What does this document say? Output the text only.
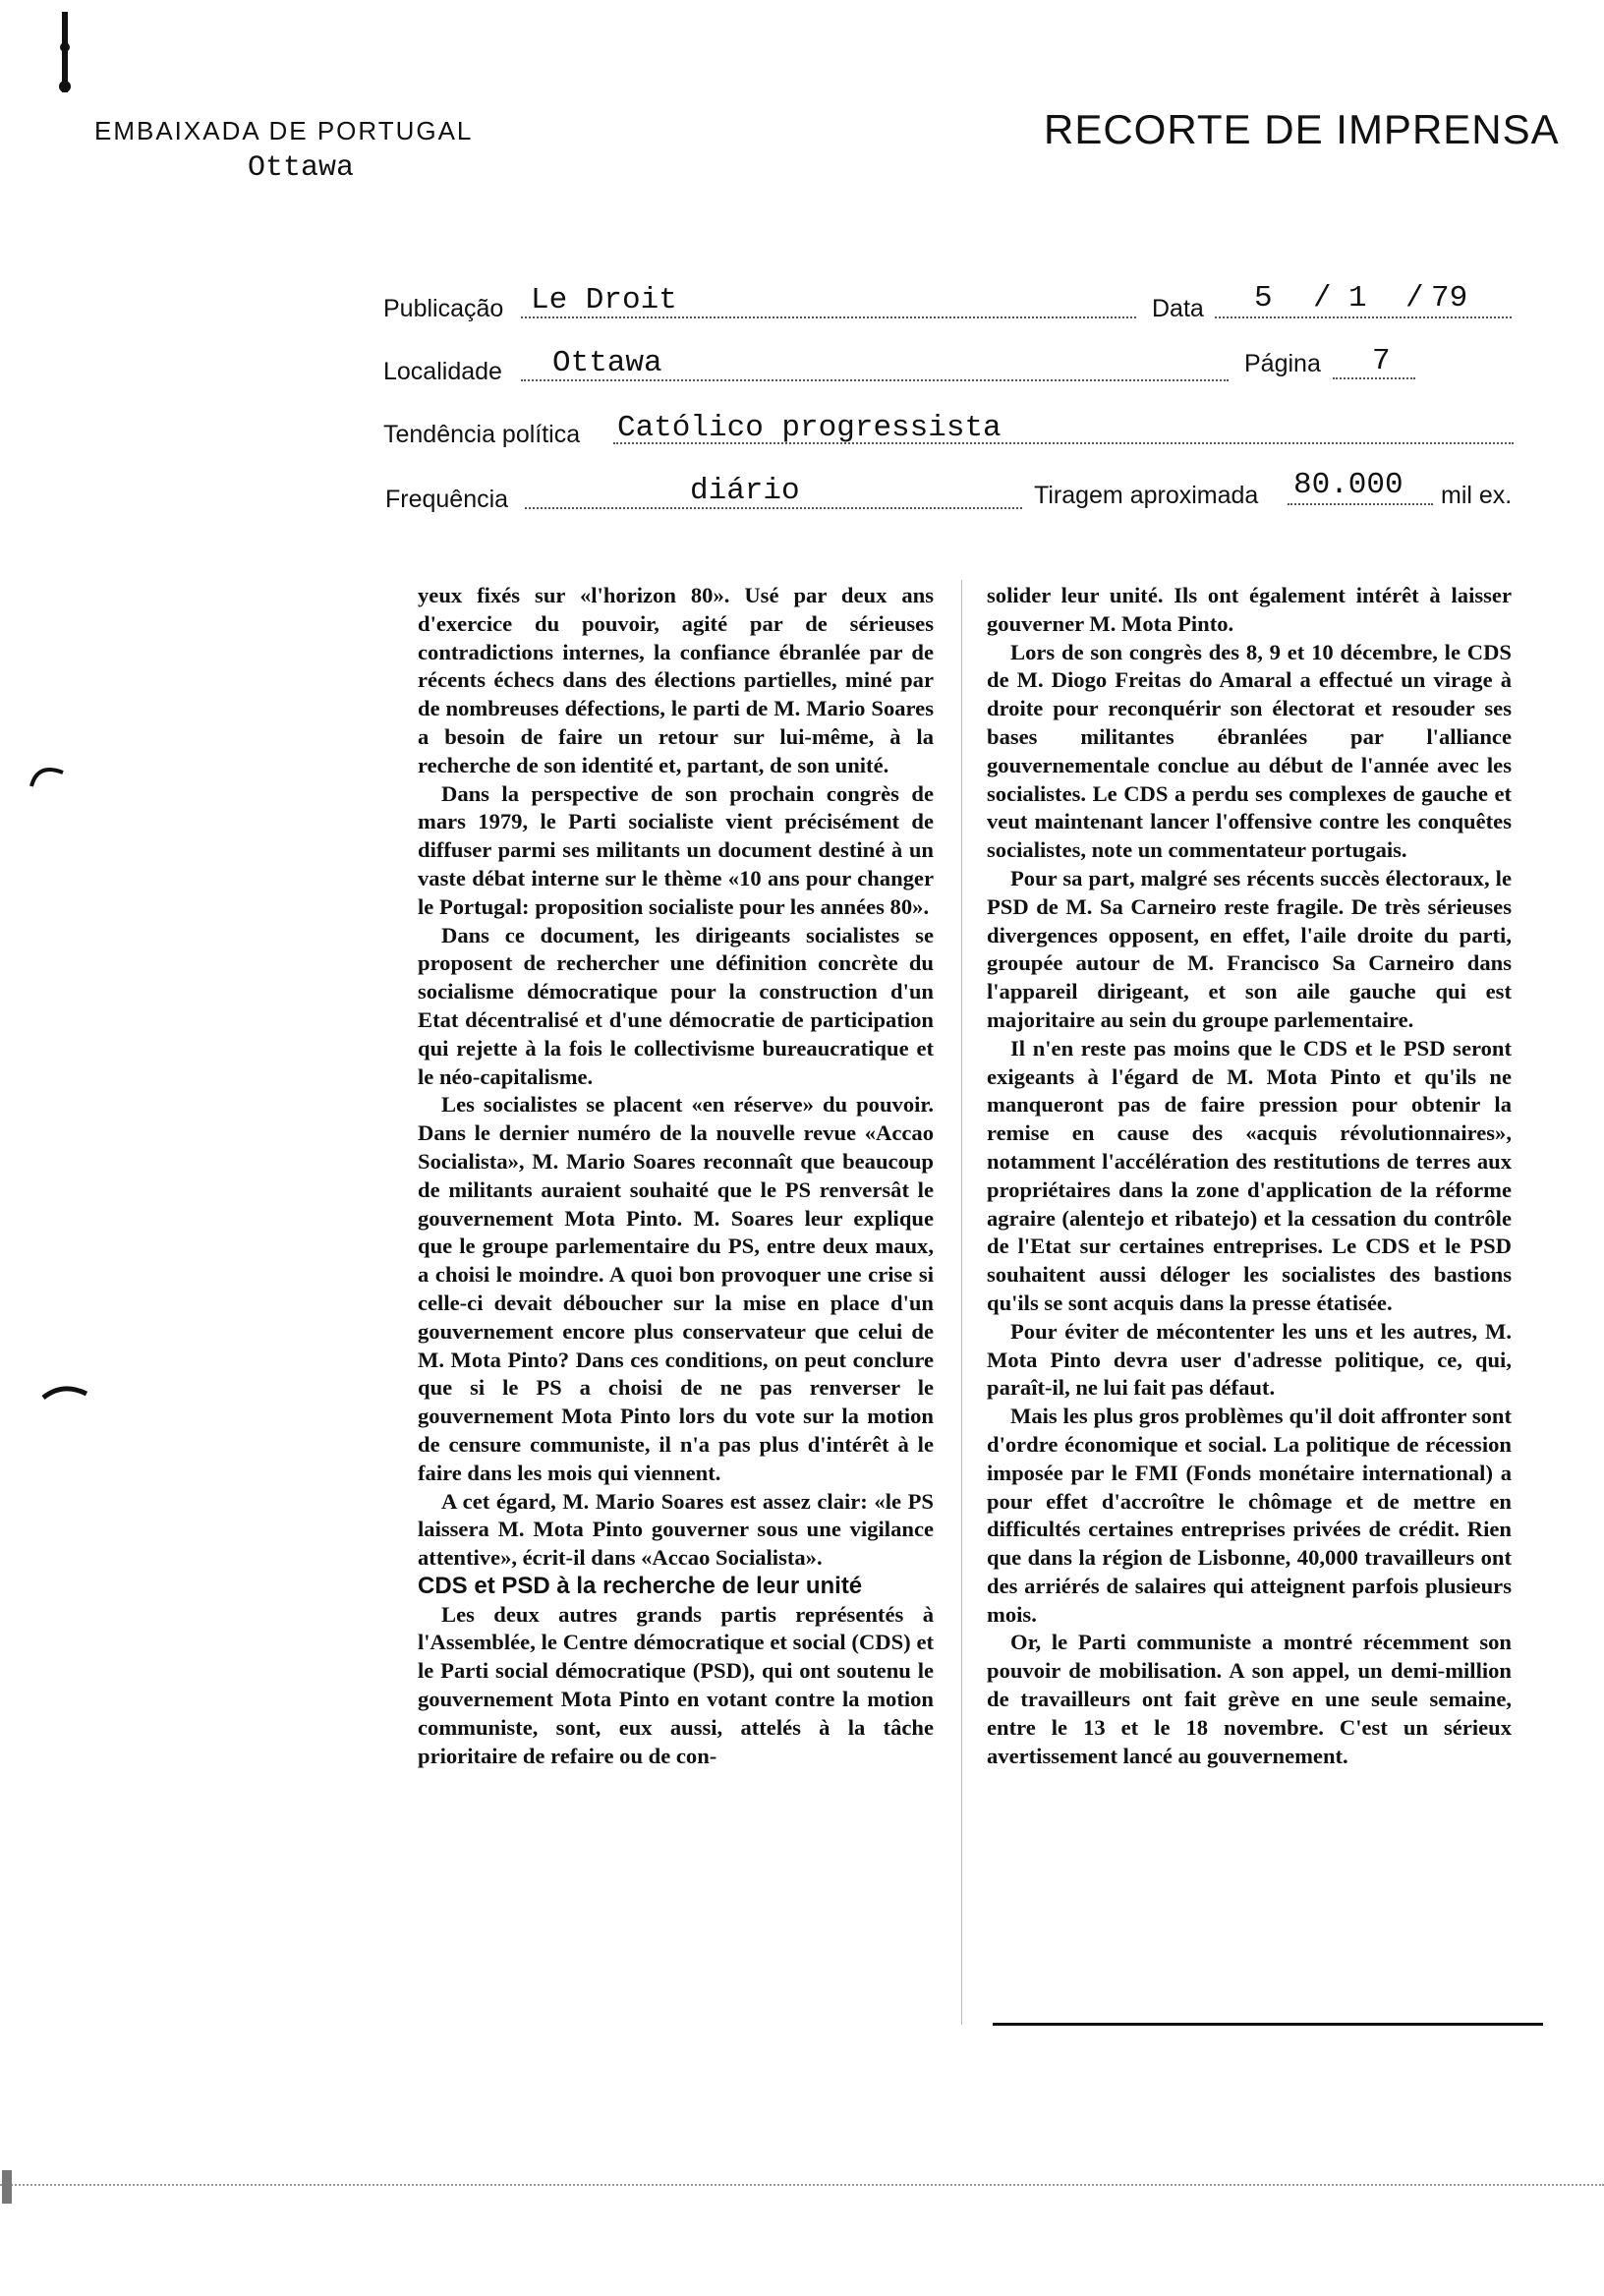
EMBAIXADA DE PORTUGAL
Ottawa
RECORTE DE IMPRENSA
Publicação Le Droit	Data 5 / 1 / 79
Localidade Ottawa	Página 7
Tendência política Católico progressista
Frequência	diário	Tiragem aproximada 80.000 mil ex.

yeux fixés sur «l'horizon 80». Usé par deux ans d'exercice du pouvoir, agité par de sérieuses contradictions internes, la confiance ébranlée par de récents échecs dans des élections partielles, miné par de nombreuses défections, le parti de M. Mario Soares a besoin de faire un retour sur lui-même, à la recherche de son identité et, partant, de son unité.

Dans la perspective de son prochain congrès de mars 1979, le Parti socialiste vient précisément de diffuser parmi ses militants un document destiné à un vaste débat interne sur le thème «10 ans pour changer le Portugal: proposition socialiste pour les années 80».

Dans ce document, les dirigeants socialistes se proposent de rechercher une définition concrète du socialisme démocratique pour la construction d'un Etat décentralisé et d'une démocratie de participation qui rejette à la fois le collectivisme bureaucratique et le néo-capitalisme.

Les socialistes se placent «en réserve» du pouvoir. Dans le dernier numéro de la nouvelle revue «Accao Socialista», M. Mario Soares reconnaît que beaucoup de militants auraient souhaité que le PS renversât le gouvernement Mota Pinto. M. Soares leur explique que le groupe parlementaire du PS, entre deux maux, a choisi le moindre. A quoi bon provoquer une crise si celle-ci devait déboucher sur la mise en place d'un gouvernement encore plus conservateur que celui de M. Mota Pinto? Dans ces conditions, on peut conclure que si le PS a choisi de ne pas renverser le gouvernement Mota Pinto lors du vote sur la motion de censure communiste, il n'a pas plus d'intérêt à le faire dans les mois qui viennent.

A cet égard, M. Mario Soares est assez clair: «le PS laissera M. Mota Pinto gouverner sous une vigilance attentive», écrit-il dans «Accao Socialista».

CDS et PSD à la recherche de leur unité

Les deux autres grands partis représentés à l'Assemblée, le Centre démocratique et social (CDS) et le Parti social démocratique (PSD), qui ont soutenu le gouvernement Mota Pinto en votant contre la motion communiste, sont, eux aussi, attelés à la tâche prioritaire de refaire ou de con-

solider leur unité. Ils ont également intérêt à laisser gouverner M. Mota Pinto.

Lors de son congrès des 8, 9 et 10 décembre, le CDS de M. Diogo Freitas do Amaral a effectué un virage à droite pour reconquérir son électorat et resouder ses bases militantes ébranlées par l'alliance gouvernementale conclue au début de l'année avec les socialistes. Le CDS a perdu ses complexes de gauche et veut maintenant lancer l'offensive contre les conquêtes socialistes, note un commentateur portugais.

Pour sa part, malgré ses récents succès électoraux, le PSD de M. Sa Carneiro reste fragile. De très sérieuses divergences opposent, en effet, l'aile droite du parti, groupée autour de M. Francisco Sa Carneiro dans l'appareil dirigeant, et son aile gauche qui est majoritaire au sein du groupe parlementaire.

Il n'en reste pas moins que le CDS et le PSD seront exigeants à l'égard de M. Mota Pinto et qu'ils ne manqueront pas de faire pression pour obtenir la remise en cause des «acquis révolutionnaires», notamment l'accélération des restitutions de terres aux propriétaires dans la zone d'application de la réforme agraire (alentejo et ribatejo) et la cessation du contrôle de l'Etat sur certaines entreprises. Le CDS et le PSD souhaitent aussi déloger les socialistes des bastions qu'ils se sont acquis dans la presse étatisée.

Pour éviter de mécontenter les uns et les autres, M. Mota Pinto devra user d'adresse politique, ce, qui, paraît-il, ne lui fait pas défaut.

Mais les plus gros problèmes qu'il doit affronter sont d'ordre économique et social. La politique de récession imposée par le FMI (Fonds monétaire international) a pour effet d'accroître le chômage et de mettre en difficultés certaines entreprises privées de crédit. Rien que dans la région de Lisbonne, 40,000 travailleurs ont des arriérés de salaires qui atteignent parfois plusieurs mois.

Or, le Parti communiste a montré récemment son pouvoir de mobilisation. A son appel, un demi-million de travailleurs ont fait grève en une seule semaine, entre le 13 et le 18 novembre. C'est un sérieux avertissement lancé au gouvernement.
